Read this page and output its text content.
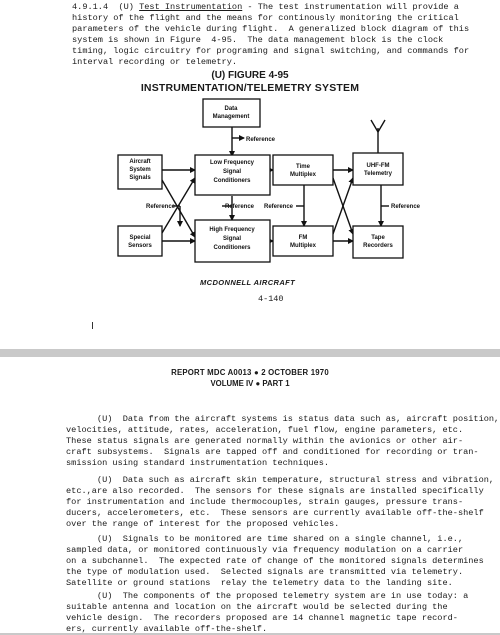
4.9.1.4 (U) Test Instrumentation - The test instrumentation will provide a
history of the flight and the means for continously monitoring the critical
parameters of the vehicle during flight.  A generalized block diagram of this
system is shown in Figure  4-95.  The data management block is the clock
timing, logic circuitry for programing and signal switching, and commands for
interval recording or telemetry.
(U) FIGURE 4-95
INSTRUMENTATION/TELEMETRY SYSTEM
Data Management
Aircraft System Signals
Low Frequency Signal Conditioners
Time Multiplex
UHF-FM Telemetry
Special Sensors
High Frequency Signal Conditioners
FM Multiplex
Tape Recorders
Reference
Reference	Reference Reference	Reference
MCDONNELL AIRCRAFT
4-140
REPORT MDC A0013 ● 2 OCTOBER 1970
VOLUME IV ● PART 1
(U)  Data from the aircraft systems is status data such as, aircraft position,
velocities, attitude, rates, acceleration, fuel flow, engine parameters, etc.
These status signals are generated normally within the avionics or other air-
craft subsystems.  Signals are tapped off and conditioned for recording or tran-
smission using standard instrumentation techniques.
(U)  Data such as aircraft skin temperature, structural stress and vibration,
etc.,are also recorded.  The sensors for these signals are installed specifically
for instrumentation and include thermocouples, strain gauges, pressure trans-
ducers, accelerometers, etc.  These sensors are currently available off-the-shelf
over the range of interest for the proposed vehicles.
(U)  Signals to be monitored are time shared on a single channel, i.e.,
sampled data, or monitored continuously via frequency modulation on a carrier
on a subchannel.  The expected rate of change of the monitored signals determines
the type of modulation used.  Selected signals are transmitted via telemetry.
Satellite or ground stations  relay the telemetry data to the landing site.
(U)  The components of the proposed telemetry system are in use today: a
suitable antenna and location on the aircraft would be selected during the
vehicle design.  The recorders proposed are 14 channel magnetic tape record-
ers, currently available off-the-shelf.
